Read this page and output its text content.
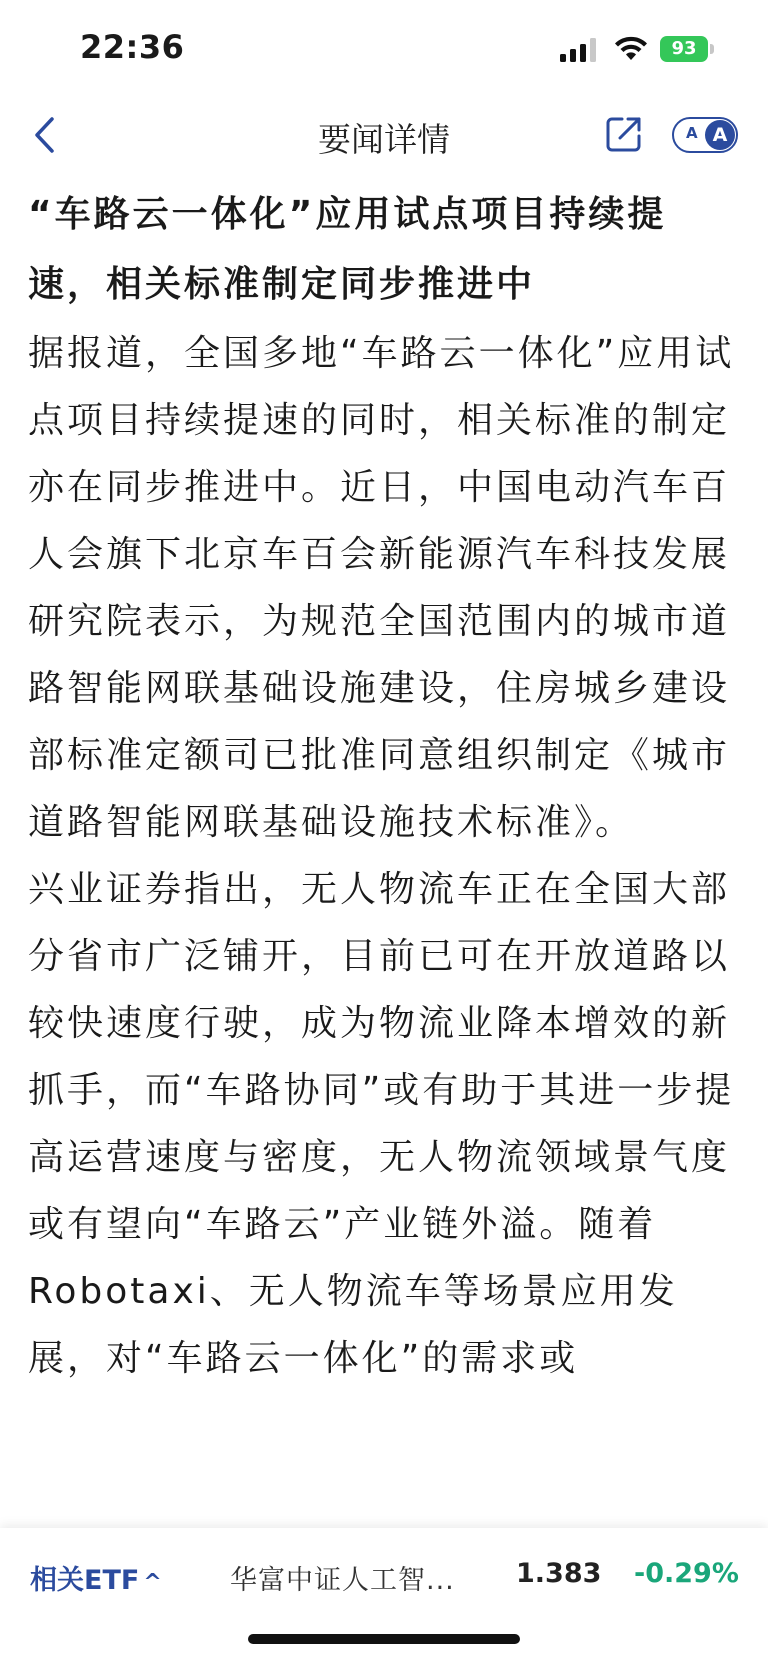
22:36	93
要闻详情	A A
“车路云一体化”应用试点项目持续提速，相关标准制定同步推进中

据报道，全国多地“车路云一体化”应用试点项目持续提速的同时，相关标准的制定亦在同步推进中。近日，中国电动汽车百人会旗下北京车百会新能源汽车科技发展研究院表示，为规范全国范围内的城市道路智能网联基础设施建设，住房城乡建设部标准定额司已批准同意组织制定《城市道路智能网联基础设施技术标准》。

兴业证券指出，无人物流车正在全国大部分省市广泛铺开，目前已可在开放道路以较快速度行驶，成为物流业降本增效的新抓手，而“车路协同”或有助于其进一步提高运营速度与密度，无人物流领域景气度或有望向“车路云”产业链外溢。随着Robotaxi、无人物流车等场景应用发展，对“车路云一体化”的需求或

相关ETF ^	华富中证人工智... 1.383 -0.29%
